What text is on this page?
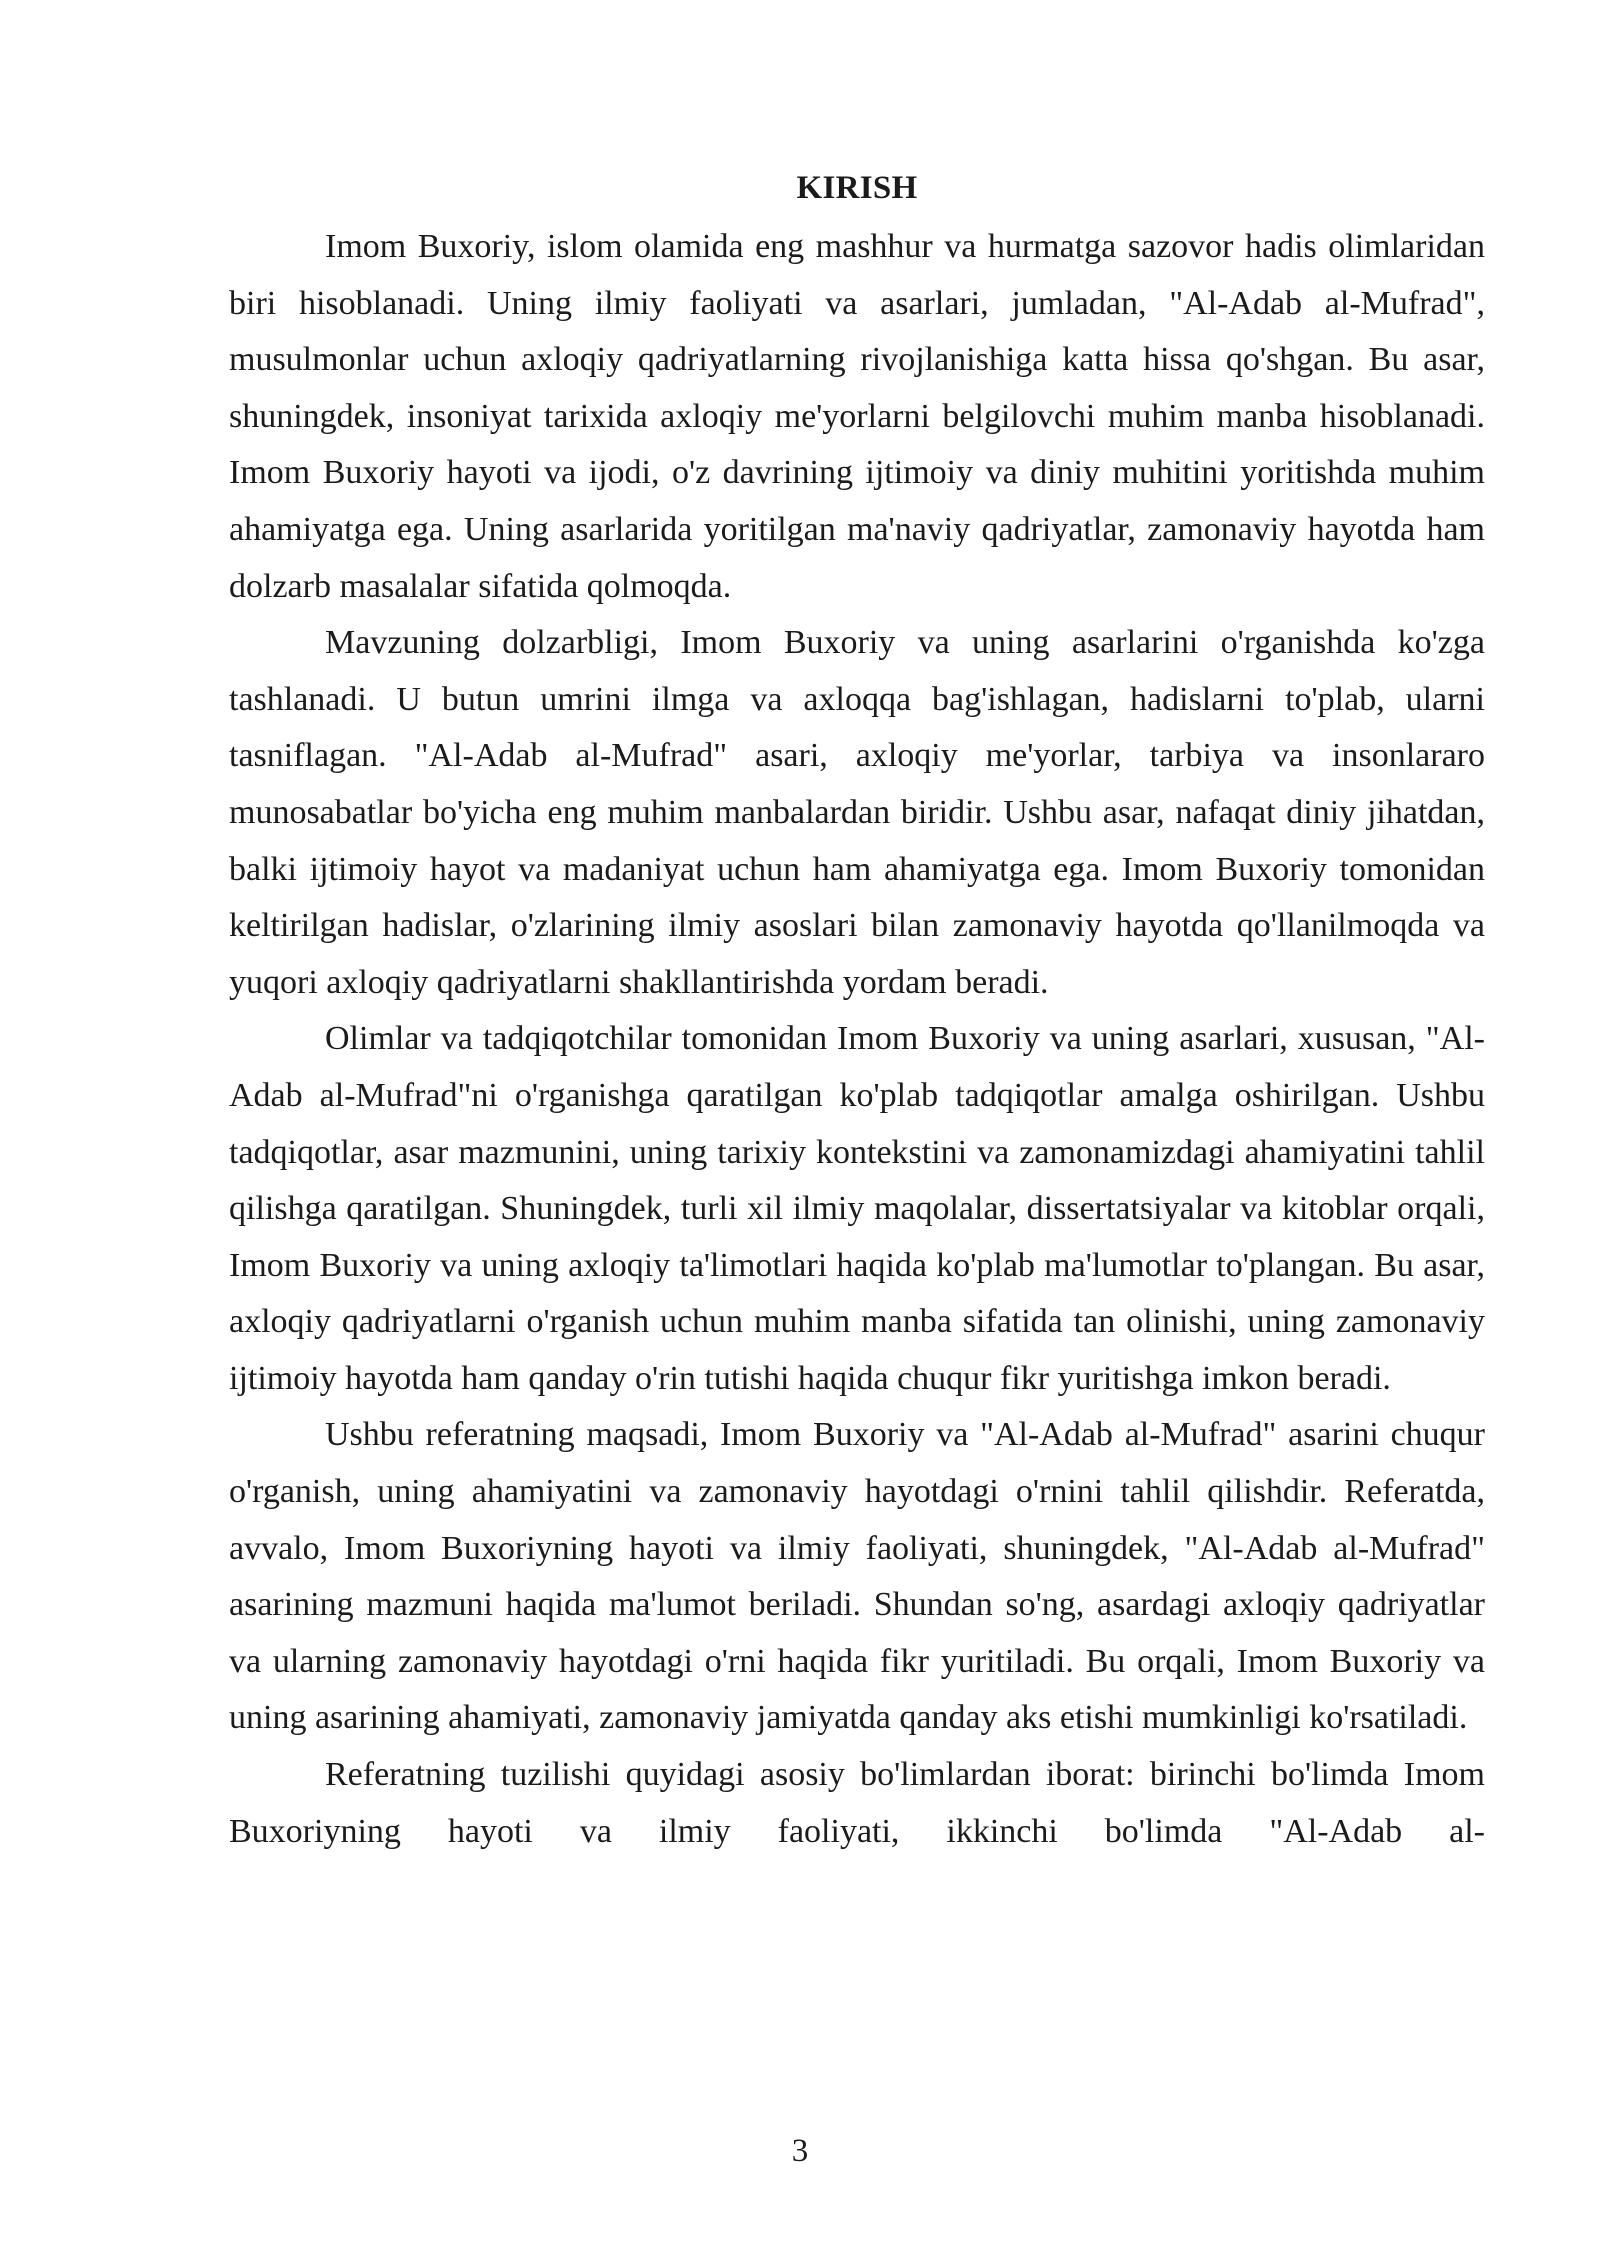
KIRISH

Imom Buxoriy, islom olamida eng mashhur va hurmatga sazovor hadis olimlaridan biri hisoblanadi. Uning ilmiy faoliyati va asarlari, jumladan, "Al-Adab al-Mufrad", musulmonlar uchun axloqiy qadriyatlarning rivojlanishiga katta hissa qo'shgan. Bu asar, shuningdek, insoniyat tarixida axloqiy me'yorlarni belgilovchi muhim manba hisoblanadi. Imom Buxoriy hayoti va ijodi, o'z davrining ijtimoiy va diniy muhitini yoritishda muhim ahamiyatga ega. Uning asarlarida yoritilgan ma'naviy qadriyatlar, zamonaviy hayotda ham dolzarb masalalar sifatida qolmoqda.

Mavzuning dolzarbligi, Imom Buxoriy va uning asarlarini o'rganishda ko'zga tashlanadi. U butun umrini ilmga va axloqqa bag'ishlagan, hadislarni to'plab, ularni tasniflagan. "Al-Adab al-Mufrad" asari, axloqiy me'yorlar, tarbiya va insonlararo munosabatlar bo'yicha eng muhim manbalardan biridir. Ushbu asar, nafaqat diniy jihatdan, balki ijtimoiy hayot va madaniyat uchun ham ahamiyatga ega. Imom Buxoriy tomonidan keltirilgan hadislar, o'zlarining ilmiy asoslari bilan zamonaviy hayotda qo'llanilmoqda va yuqori axloqiy qadriyatlarni shakllantirishda yordam beradi.

Olimlar va tadqiqotchilar tomonidan Imom Buxoriy va uning asarlari, xususan, "Al-Adab al-Mufrad"ni o'rganishga qaratilgan ko'plab tadqiqotlar amalga oshirilgan. Ushbu tadqiqotlar, asar mazmunini, uning tarixiy kontekstini va zamonamizdagi ahamiyatini tahlil qilishga qaratilgan. Shuningdek, turli xil ilmiy maqolalar, dissertatsiyalar va kitoblar orqali, Imom Buxoriy va uning axloqiy ta'limotlari haqida ko'plab ma'lumotlar to'plangan. Bu asar, axloqiy qadriyatlarni o'rganish uchun muhim manba sifatida tan olinishi, uning zamonaviy ijtimoiy hayotda ham qanday o'rin tutishi haqida chuqur fikr yuritishga imkon beradi.

Ushbu referatning maqsadi, Imom Buxoriy va "Al-Adab al-Mufrad" asarini chuqur o'rganish, uning ahamiyatini va zamonaviy hayotdagi o'rnini tahlil qilishdir. Referatda, avvalo, Imom Buxoriyning hayoti va ilmiy faoliyati, shuningdek, "Al-Adab al-Mufrad" asarining mazmuni haqida ma'lumot beriladi. Shundan so'ng, asardagi axloqiy qadriyatlar va ularning zamonaviy hayotdagi o'rni haqida fikr yuritiladi. Bu orqali, Imom Buxoriy va uning asarining ahamiyati, zamonaviy jamiyatda qanday aks etishi mumkinligi ko'rsatiladi.

Referatning tuzilishi quyidagi asosiy bo'limlardan iborat: birinchi bo'limda Imom Buxoriyning hayoti va ilmiy faoliyati, ikkinchi bo'limda "Al-Adab al-

3
